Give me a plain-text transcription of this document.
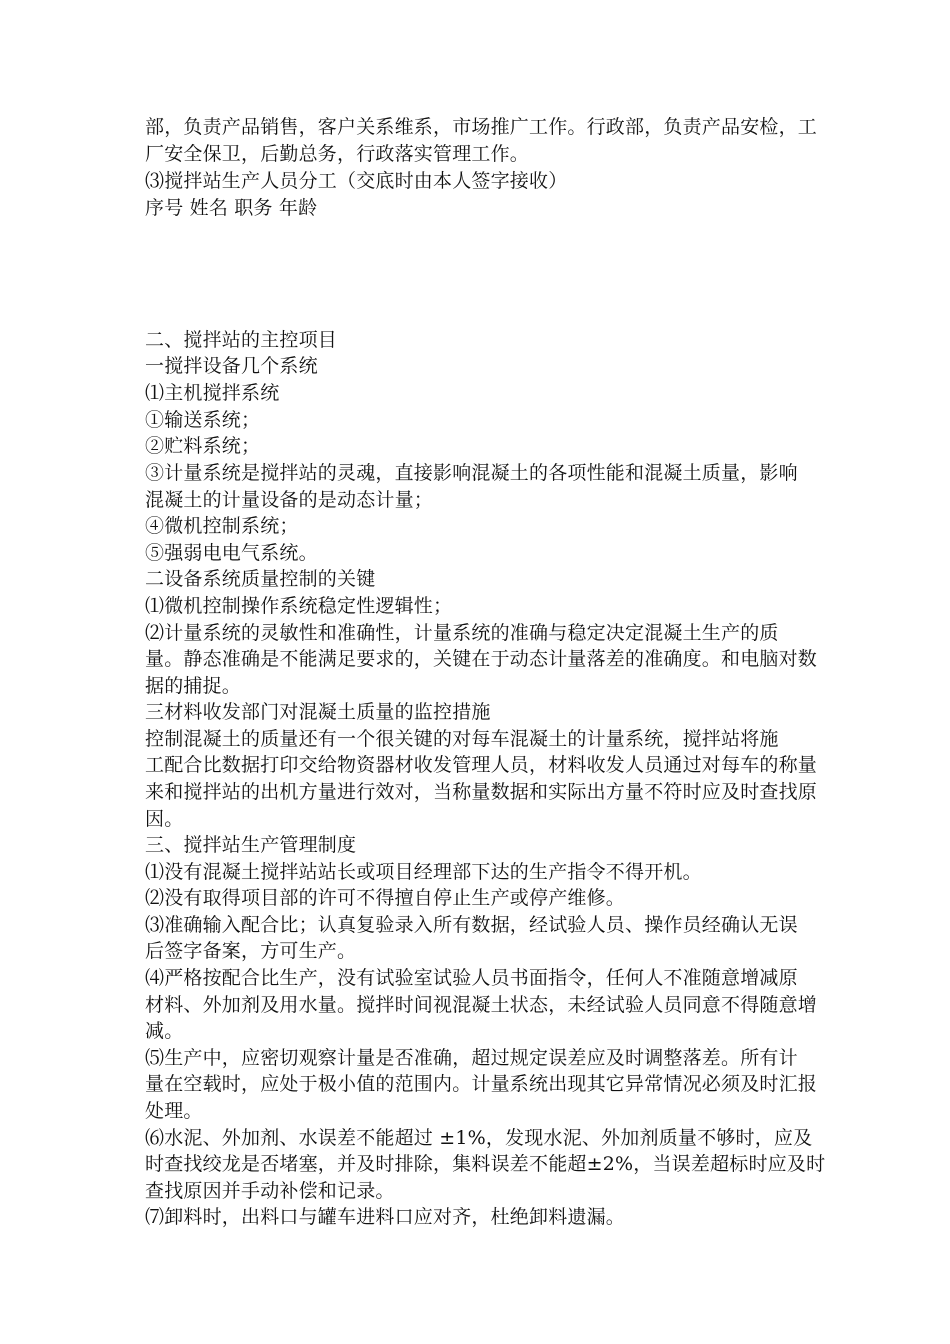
部，负责产品销售，客户关系维系，市场推广工作。行政部，负责产品安检，工
厂安全保卫，后勤总务，行政落实管理工作。
⑶搅拌站生产人员分工（交底时由本人签字接收）
序号 姓名 职务 年龄
二、搅拌站的主控项目
一搅拌设备几个系统
⑴主机搅拌系统
①输送系统；
②贮料系统；
③计量系统是搅拌站的灵魂，直接影响混凝土的各项性能和混凝土质量，影响
混凝土的计量设备的是动态计量；
④微机控制系统；
⑤强弱电电气系统。
二设备系统质量控制的关键
⑴微机控制操作系统稳定性逻辑性；
⑵计量系统的灵敏性和准确性，计量系统的准确与稳定决定混凝土生产的质
量。静态准确是不能满足要求的，关键在于动态计量落差的准确度。和电脑对数
据的捕捉。
三材料收发部门对混凝土质量的监控措施
控制混凝土的质量还有一个很关键的对每车混凝土的计量系统，搅拌站将施
工配合比数据打印交给物资器材收发管理人员，材料收发人员通过对每车的称量
来和搅拌站的出机方量进行效对，当称量数据和实际出方量不符时应及时查找原
因。
三、搅拌站生产管理制度
⑴没有混凝土搅拌站站长或项目经理部下达的生产指令不得开机。
⑵没有取得项目部的许可不得擅自停止生产或停产维修。
⑶准确输入配合比；认真复验录入所有数据，经试验人员、操作员经确认无误
后签字备案，方可生产。
⑷严格按配合比生产，没有试验室试验人员书面指令，任何人不准随意增减原
材料、外加剂及用水量。搅拌时间视混凝土状态，未经试验人员同意不得随意增
减。
⑸生产中，应密切观察计量是否准确，超过规定误差应及时调整落差。所有计
量在空载时，应处于极小值的范围内。计量系统出现其它异常情况必须及时汇报
处理。
⑹水泥、外加剂、水误差不能超过 ±1%，发现水泥、外加剂质量不够时，应及
时查找绞龙是否堵塞，并及时排除，集料误差不能超±2%，当误差超标时应及时
查找原因并手动补偿和记录。
⑺卸料时，出料口与罐车进料口应对齐，杜绝卸料遗漏。
